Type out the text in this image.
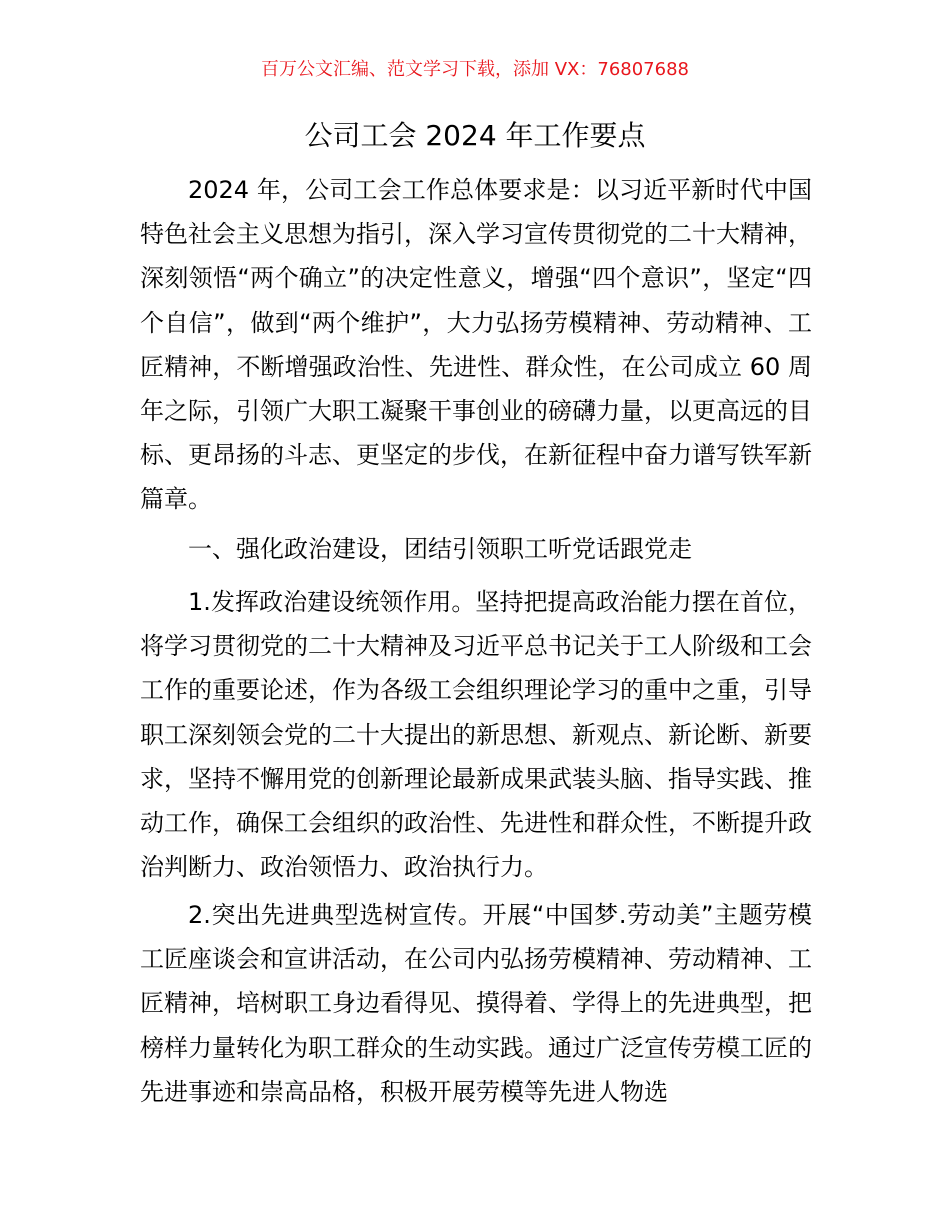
百万公文汇编、范文学习下载，添加 VX：76807688
公司工会 2024 年工作要点

2024 年，公司工会工作总体要求是：以习近平新时代中国特色社会主义思想为指引，深入学习宣传贯彻党的二十大精神，深刻领悟“两个确立”的决定性意义，增强“四个意识”，坚定“四个自信”，做到“两个维护”，大力弘扬劳模精神、劳动精神、工匠精神，不断增强政治性、先进性、群众性，在公司成立 60 周年之际，引领广大职工凝聚干事创业的磅礴力量，以更高远的目标、更昂扬的斗志、更坚定的步伐，在新征程中奋力谱写铁军新篇章。

一、强化政治建设，团结引领职工听党话跟党走

1.发挥政治建设统领作用。坚持把提高政治能力摆在首位，将学习贯彻党的二十大精神及习近平总书记关于工人阶级和工会工作的重要论述，作为各级工会组织理论学习的重中之重，引导职工深刻领会党的二十大提出的新思想、新观点、新论断、新要求，坚持不懈用党的创新理论最新成果武装头脑、指导实践、推动工作，确保工会组织的政治性、先进性和群众性，不断提升政治判断力、政治领悟力、政治执行力。

2.突出先进典型选树宣传。开展“中国梦.劳动美”主题劳模工匠座谈会和宣讲活动，在公司内弘扬劳模精神、劳动精神、工匠精神，培树职工身边看得见、摸得着、学得上的先进典型，把榜样力量转化为职工群众的生动实践。通过广泛宣传劳模工匠的先进事迹和崇高品格，积极开展劳模等先进人物选
